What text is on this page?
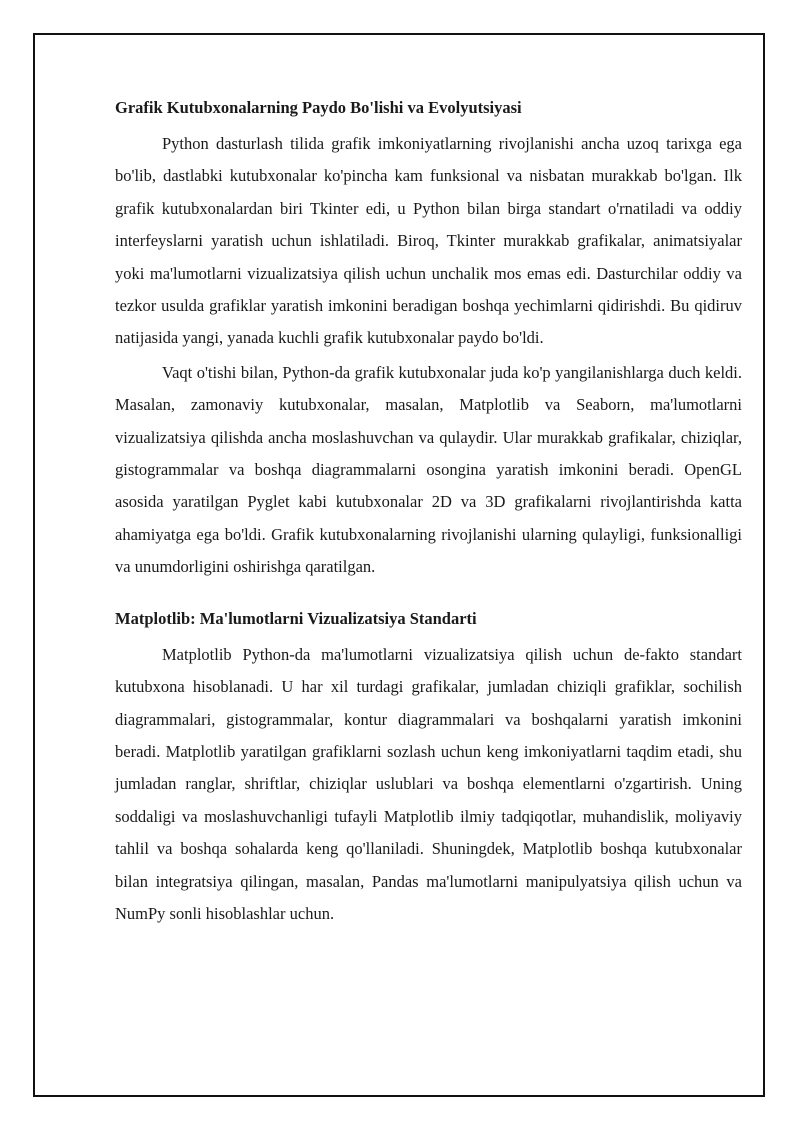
Grafik Kutubxonalarning Paydo Bo'lishi va Evolyutsiyasi

Python dasturlash tilida grafik imkoniyatlarning rivojlanishi ancha uzoq tarixga ega bo'lib, dastlabki kutubxonalar ko'pincha kam funksional va nisbatan murakkab bo'lgan. Ilk grafik kutubxonalardan biri Tkinter edi, u Python bilan birga standart o'rnatiladi va oddiy interfeyslarni yaratish uchun ishlatiladi. Biroq, Tkinter murakkab grafikalar, animatsiyalar yoki ma'lumotlarni vizualizatsiya qilish uchun unchalik mos emas edi. Dasturchilar oddiy va tezkor usulda grafiklar yaratish imkonini beradigan boshqa yechimlarni qidirishdi. Bu qidiruv natijasida yangi, yanada kuchli grafik kutubxonalar paydo bo'ldi.

Vaqt o'tishi bilan, Python-da grafik kutubxonalar juda ko'p yangilanishlarga duch keldi. Masalan, zamonaviy kutubxonalar, masalan, Matplotlib va Seaborn, ma'lumotlarni vizualizatsiya qilishda ancha moslashuvchan va qulaydir. Ular murakkab grafikalar, chiziqlar, gistogrammalar va boshqa diagrammalarni osongina yaratish imkonini beradi. OpenGL asosida yaratilgan Pyglet kabi kutubxonalar 2D va 3D grafikalarni rivojlantirishda katta ahamiyatga ega bo'ldi. Grafik kutubxonalarning rivojlanishi ularning qulayligi, funksionalligi va unumdorligini oshirishga qaratilgan.

Matplotlib: Ma'lumotlarni Vizualizatsiya Standarti

Matplotlib Python-da ma'lumotlarni vizualizatsiya qilish uchun de-fakto standart kutubxona hisoblanadi. U har xil turdagi grafikalar, jumladan chiziqli grafiklar, sochilish diagrammalari, gistogrammalar, kontur diagrammalari va boshqalarni yaratish imkonini beradi. Matplotlib yaratilgan grafiklarni sozlash uchun keng imkoniyatlarni taqdim etadi, shu jumladan ranglar, shriftlar, chiziqlar uslublari va boshqa elementlarni o'zgartirish. Uning soddaligi va moslashuvchanligi tufayli Matplotlib ilmiy tadqiqotlar, muhandislik, moliyaviy tahlil va boshqa sohalarda keng qo'llaniladi. Shuningdek, Matplotlib boshqa kutubxonalar bilan integratsiya qilingan, masalan, Pandas ma'lumotlarni manipulyatsiya qilish uchun va NumPy sonli hisoblashlar uchun.
